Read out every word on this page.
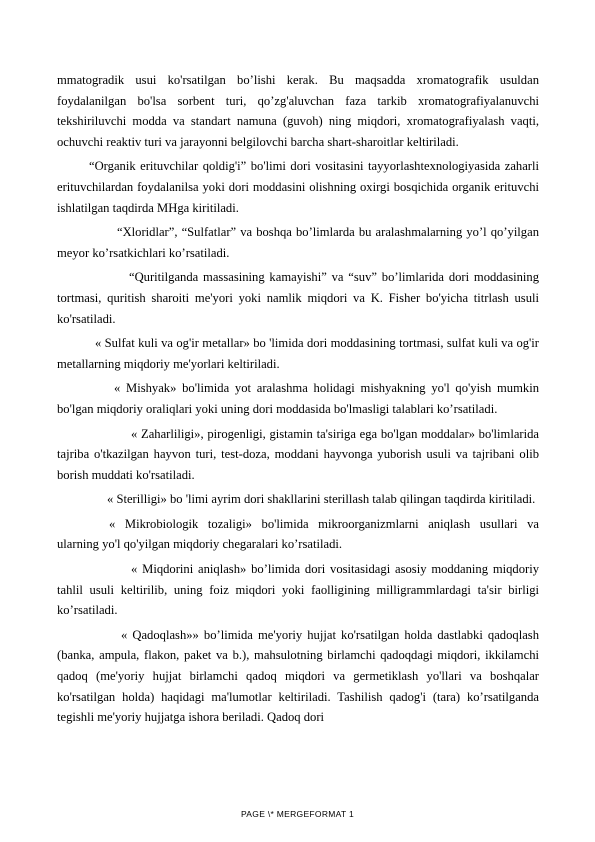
mmatogradik usui ko'rsatilgan bo’lishi kerak. Bu maqsadda xromatografik usuldan foydalanilgan bo'lsa sorbent turi, qo’zg'aluvchan faza tarkib xromatografiyalanuvchi tekshiriluvchi modda va standart namuna (guvoh) ning miqdori, xromatografiyalash vaqti, ochuvchi reaktiv turi va jarayonni belgilovchi barcha shart-sharoitlar keltiriladi.

“Organik erituvchilar qoldig'i” bo'limi dori vositasini tayyorlashtexnologiyasida zaharli erituvchilardan foydalanilsa yoki dori moddasini olishning oxirgi bosqichida organik erituvchi ishlatilgan taqdirda MHga kiritiladi.

“Xloridlar”, “Sulfatlar” va boshqa bo’limlarda bu aralashmalarning yo’l qo’yilgan meyor ko’rsatkichlari ko’rsatiladi.

“Quritilganda massasining kamayishi” va “suv” bo’limlarida dori moddasining tortmasi, quritish sharoiti me'yori yoki namlik miqdori va K. Fisher bo'yicha titrlash usuli ko'rsatiladi.

« Sulfat kuli va og'ir metallar» bo 'limida dori moddasining tortmasi, sulfat kuli va og'ir metallarning miqdoriy me'yorlari keltiriladi.

« Mishyak» bo'limida yot aralashma holidagi mishyakning yo'l qo'yish mumkin bo'lgan miqdoriy oraliqlari yoki uning dori moddasida bo'lmasligi talablari ko’rsatiladi.

« Zaharliligi», pirogenligi, gistamin ta'siriga ega bo'lgan moddalar» bo'limlarida tajriba o'tkazilgan hayvon turi, test-doza, moddani hayvonga yuborish usuli va tajribani olib borish muddati ko'rsatiladi.

« Sterilligi» bo 'limi ayrim dori shakllarini sterillash talab qilingan taqdirda kiritiladi.

« Mikrobiologik tozaligi» bo'limida mikroorganizmlarni aniqlash usullari va ularning yo'l qo'yilgan miqdoriy chegaralari ko’rsatiladi.

« Miqdorini aniqlash» bo’limida dori vositasidagi asosiy moddaning miqdoriy tahlil usuli keltirilib, uning foiz miqdori yoki faolligining milligrammlardagi ta'sir birligi ko’rsatiladi.

« Qadoqlash»» bo’limida me'yoriy hujjat ko'rsatilgan holda dastlabki qadoqlash (banka, ampula, flakon, paket va b.), mahsulotning birlamchi qadoqdagi miqdori, ikkilamchi qadoq (me'yoriy hujjat birlamchi qadoq miqdori va germetiklash yo'llari va boshqalar ko'rsatilgan holda) haqidagi ma'lumotlar keltiriladi. Tashilish qadog'i (tara) ko’rsatilganda tegishli me'yoriy hujjatga ishora beriladi. Qadoq dori

PAGE \* MERGEFORMAT 1
